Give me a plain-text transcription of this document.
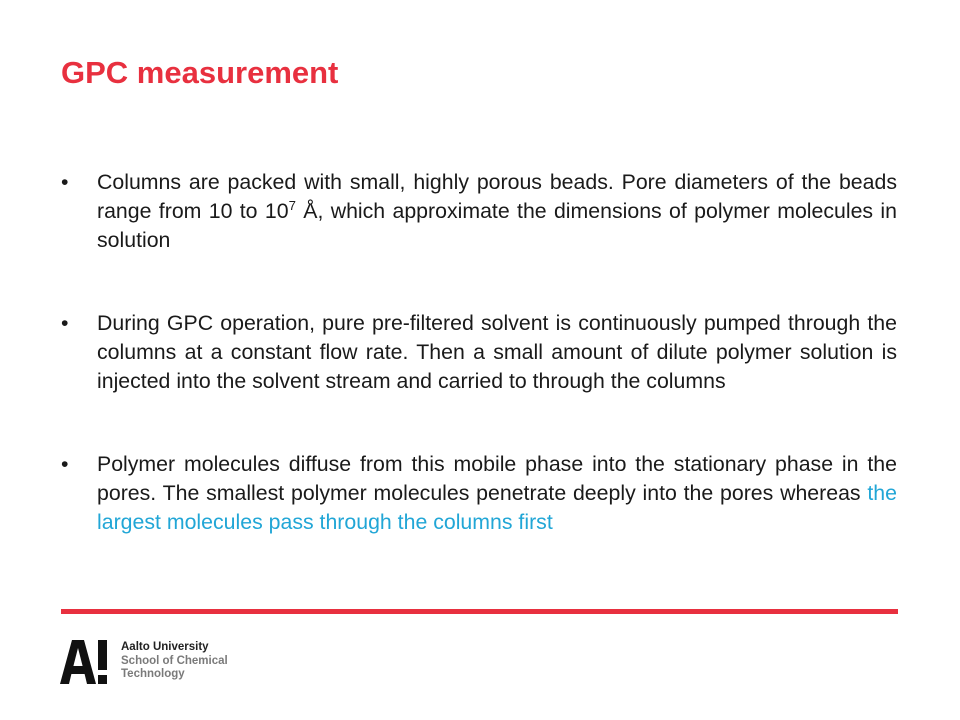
GPC measurement
• Columns are packed with small, highly porous beads. Pore diameters of the beads range from 10 to $10^7$ Å, which approximate the dimensions of polymer molecules in solution
• During GPC operation, pure pre-filtered solvent is continuously pumped through the columns at a constant flow rate. Then a small amount of dilute polymer solution is injected into the solvent stream and carried to through the columns
• Polymer molecules diffuse from this mobile phase into the stationary phase in the pores. The smallest polymer molecules penetrate deeply into the pores whereas the largest molecules pass through the columns first
Aalto University
School of Chemical
Technology
